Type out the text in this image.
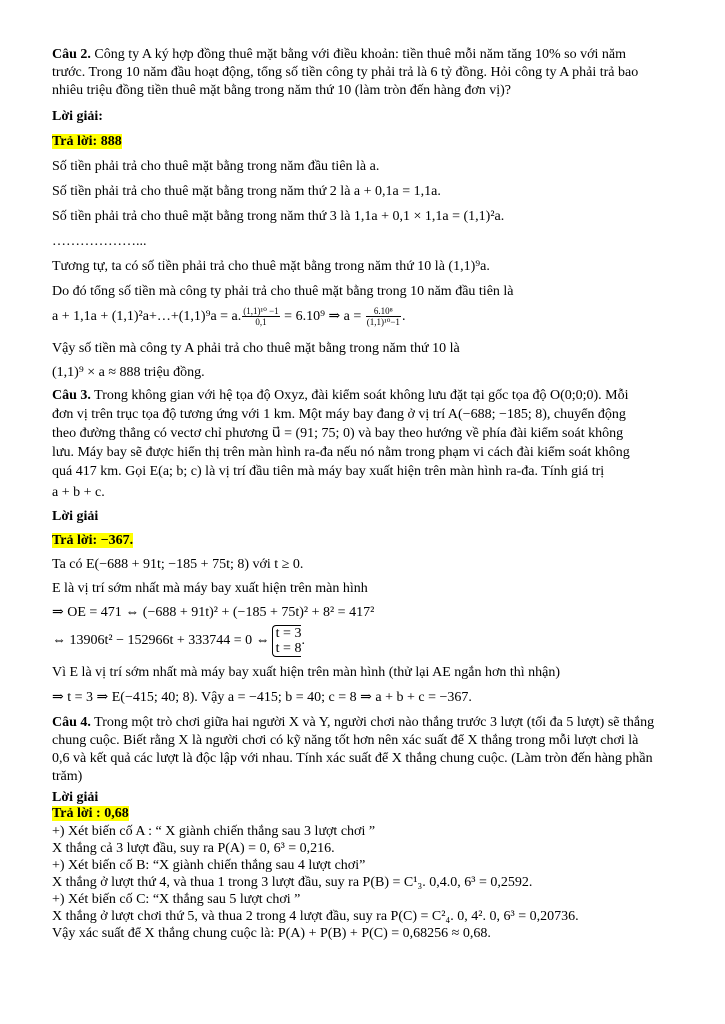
Câu 2. Công ty A ký hợp đồng thuê mặt bằng với điều khoản: tiền thuê mỗi năm tăng 10% so với năm
trước. Trong 10 năm đầu hoạt động, tổng số tiền công ty phải trả là 6 tỷ đồng. Hỏi công ty A phải trả bao
nhiêu triệu đồng tiền thuê mặt bằng trong năm thứ 10 (làm tròn đến hàng đơn vị)?
Lời giải:
Trả lời: 888
Số tiền phải trả cho thuê mặt bằng trong năm đầu tiên là a.
Số tiền phải trả cho thuê mặt bằng trong năm thứ 2 là a + 0,1a = 1,1a.
Số tiền phải trả cho thuê mặt bằng trong năm thứ 3 là 1,1a + 0,1 × 1,1a = (1,1)²a.
………………...
Tương tự, ta có số tiền phải trả cho thuê mặt bằng trong năm thứ 10 là (1,1)⁹a.
Do đó tổng số tiền mà công ty phải trả cho thuê mặt bằng trong 10 năm đầu tiên là
a + 1,1a + (1,1)²a+…+(1,1)⁹a = a. $\frac{\text{(1,1)¹⁰ −1}}{0,1} = 6.10^9$ ⇒ $a = \frac{\text{6.10⁸}}{\text{(1,1)¹⁰−1}}$ .
Vậy số tiền mà công ty A phải trả cho thuê mặt bằng trong năm thứ 10 là
(1,1)⁹ × a ≈ 888 triệu đồng.
Câu 3. Trong không gian với hệ tọa độ Oxyz, đài kiểm soát không lưu đặt tại gốc tọa độ O(0;0;0). Mỗi
đơn vị trên trục tọa độ tương ứng với 1 km. Một máy bay đang ở vị trí A(−688; −185; 8), chuyển động
theo đường thẳng có vectơ chỉ phương u⃗ = (91; 75; 0) và bay theo hướng về phía đài kiểm soát không
lưu. Máy bay sẽ được hiển thị trên màn hình ra-đa nếu nó nằm trong phạm vi cách đài kiểm soát không
quá 417 km. Gọi E(a; b; c) là vị trí đầu tiên mà máy bay xuất hiện trên màn hình ra-đa. Tính giá trị
a + b + c.
Lời giải
Trả lời: −367.
Ta có E(−688 + 91t; −185 + 75t; 8) với t ≥ 0.
E là vị trí sớm nhất mà máy bay xuất hiện trên màn hình
⇒ OE = 471 ⇔ (−688 + 91t)² + (−185 + 75t)² + 8² = 417²
⇔ 13906t² − 152966t + 333744 = 0 ⇔ t = 3
t = 8
.
Vì E là vị trí sớm nhất mà máy bay xuất hiện trên màn hình (thử lại AE ngắn hơn thì nhận)
⇒ t = 3 ⇒ E(−415; 40; 8). Vậy a = −415; b = 40; c = 8 ⇒ a + b + c = −367.
Câu 4. Trong một trò chơi giữa hai người X và Y, người chơi nào thắng trước 3 lượt (tối đa 5 lượt) sẽ thắng
chung cuộc. Biết rằng X là người chơi có kỹ năng tốt hơn nên xác suất để X thắng trong mỗi lượt chơi là
0,6 và kết quả các lượt là độc lập với nhau. Tính xác suất để X thắng chung cuộc. (Làm tròn đến hàng phần
trăm)
Lời giải
Trả lời : 0,68
+) Xét biến cố A : “ X giành chiến thắng sau 3 lượt chơi ”
X thắng cả 3 lượt đầu, suy ra P(A) = 0, 6³ = 0,216.
+) Xét biến cố B: “X giành chiến thắng sau 4 lượt chơi”
X thắng ở lượt thứ 4, và thua 1 trong 3 lượt đầu, suy ra P(B) = C¹₃. 0,4.0, 6³ = 0,2592.
+) Xét biến cố C: “X thắng sau 5 lượt chơi ”
X thắng ở lượt chơi thứ 5, và thua 2 trong 4 lượt đầu, suy ra P(C) = C²₄. 0, 4². 0, 6³ = 0,20736.
Vậy xác suất để X thắng chung cuộc là: P(A) + P(B) + P(C) = 0,68256 ≈ 0,68.
